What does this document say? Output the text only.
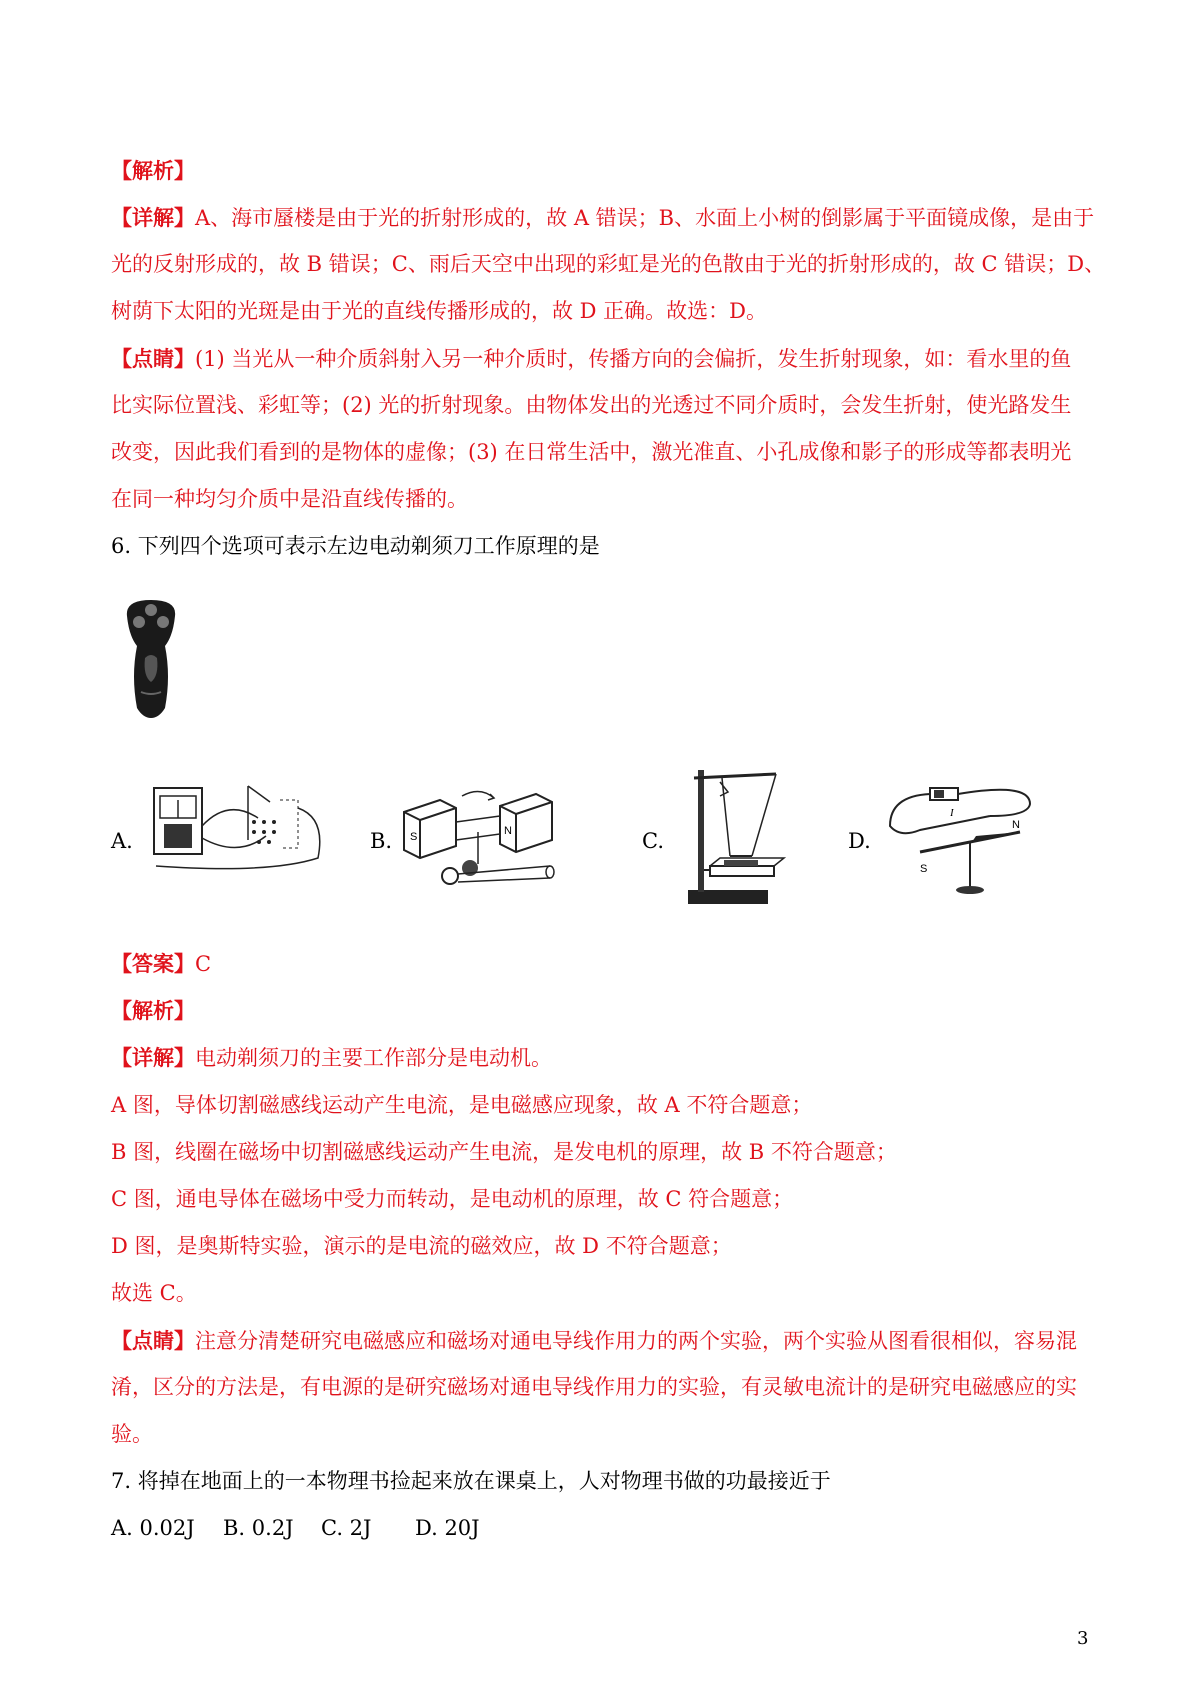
【解析】
【详解】A、海市蜃楼是由于光的折射形成的，故 A 错误；B、水面上小树的倒影属于平面镜成像，是由于
光的反射形成的，故 B 错误；C、雨后天空中出现的彩虹是光的色散由于光的折射形成的，故 C 错误；D、
树荫下太阳的光斑是由于光的直线传播形成的，故 D 正确。故选：D。
【点睛】(1) 当光从一种介质斜射入另一种介质时，传播方向的会偏折，发生折射现象，如：看水里的鱼
比实际位置浅、彩虹等；(2) 光的折射现象。由物体发出的光透过不同介质时，会发生折射，使光路发生
改变，因此我们看到的是物体的虚像；(3) 在日常生活中，激光准直、小孔成像和影子的形成等都表明光
在同一种均匀介质中是沿直线传播的。
6. 下列四个选项可表示左边电动剃须刀工作原理的是
A.	B.	C.	D.
S	N
I
S
N
【答案】C
【解析】
【详解】电动剃须刀的主要工作部分是电动机。
A 图，导体切割磁感线运动产生电流，是电磁感应现象，故 A 不符合题意；
B 图，线圈在磁场中切割磁感线运动产生电流，是发电机的原理，故 B 不符合题意；
C 图，通电导体在磁场中受力而转动，是电动机的原理，故 C 符合题意；
D 图，是奥斯特实验，演示的是电流的磁效应，故 D 不符合题意；
故选 C。
【点睛】注意分清楚研究电磁感应和磁场对通电导线作用力的两个实验，两个实验从图看很相似，容易混
淆，区分的方法是，有电源的是研究磁场对通电导线作用力的实验，有灵敏电流计的是研究电磁感应的实
验。
7. 将掉在地面上的一本物理书捡起来放在课桌上，人对物理书做的功最接近于
A. 0.02J B. 0.2J C. 2J D. 20J
3
